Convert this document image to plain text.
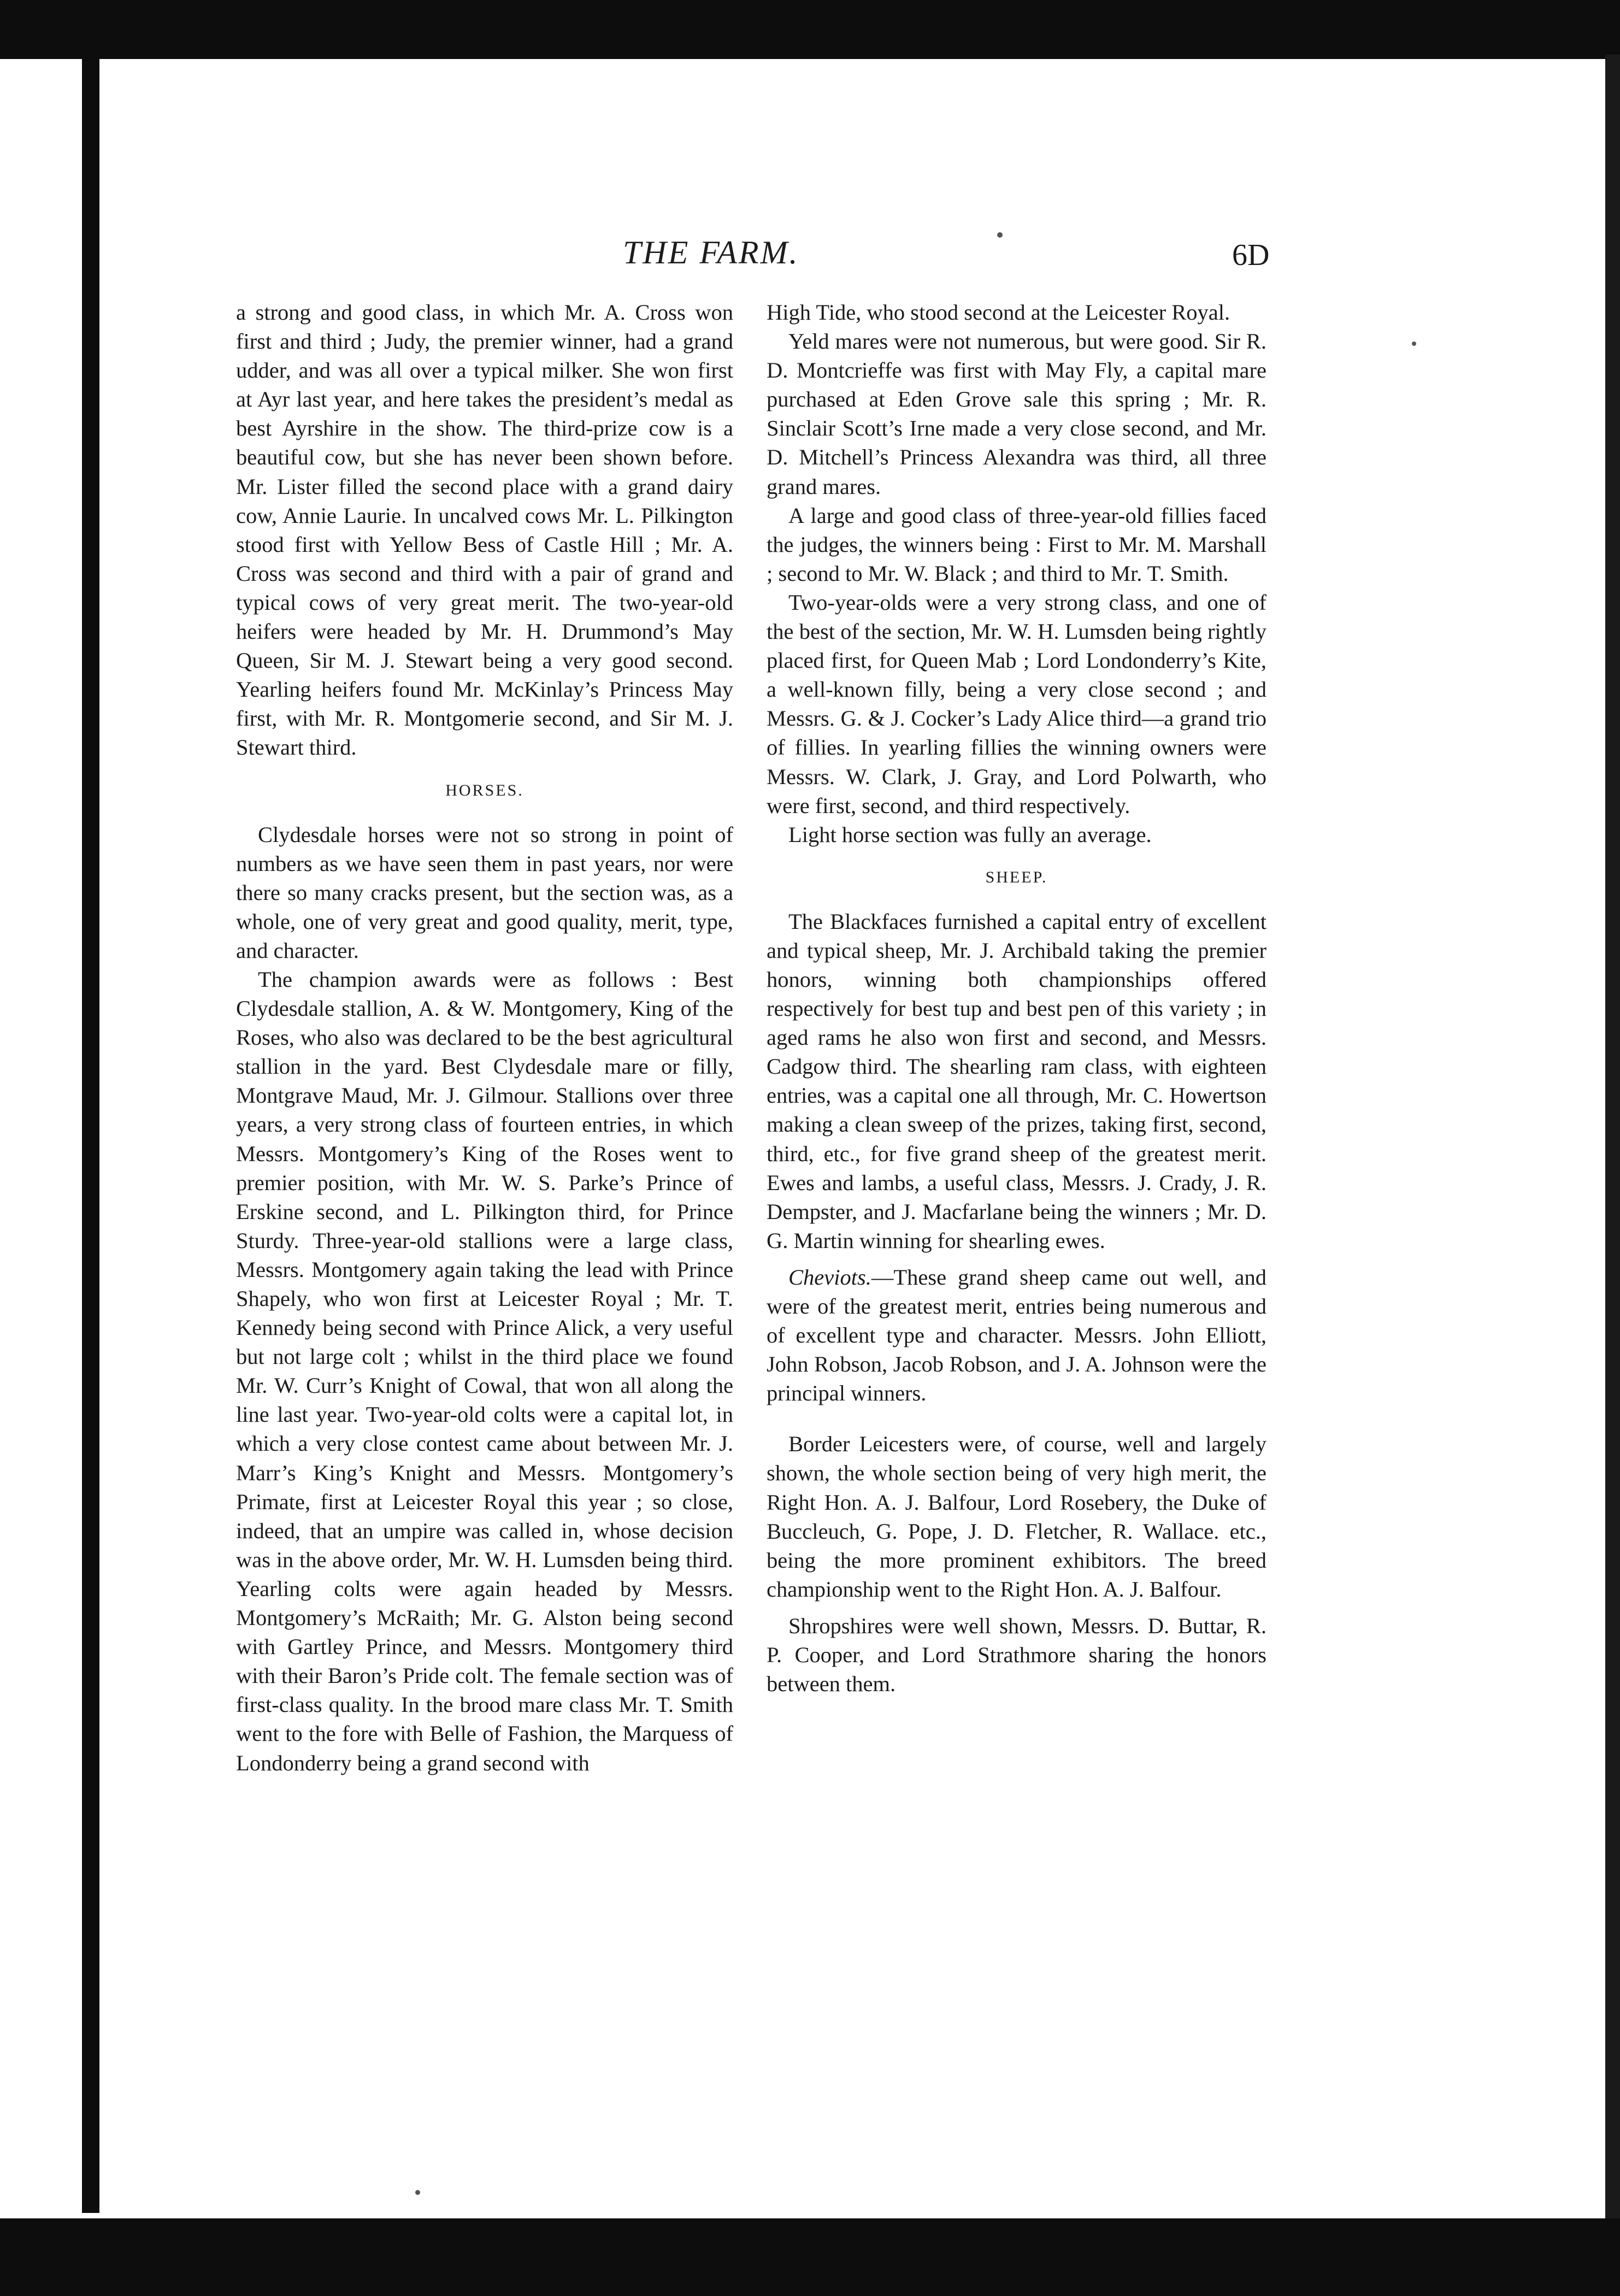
THE FARM.	6D

a strong and good class, in which Mr. A. Cross won first and third ; Judy, the premier winner, had a grand udder, and was all over a typical milker. She won first at Ayr last year, and here takes the president’s medal as best Ayrshire in the show. The third-prize cow is a beautiful cow, but she has never been shown before. Mr. Lister filled the second place with a grand dairy cow, Annie Laurie. In uncalved cows Mr. L. Pilkington stood first with Yellow Bess of Castle Hill ; Mr. A. Cross was second and third with a pair of grand and typical cows of very great merit. The two-year-old heifers were headed by Mr. H. Drummond’s May Queen, Sir M. J. Stewart being a very good second. Yearling heifers found Mr. McKinlay’s Princess May first, with Mr. R. Montgomerie second, and Sir M. J. Stewart third.

HORSES.

Clydesdale horses were not so strong in point of numbers as we have seen them in past years, nor were there so many cracks present, but the section was, as a whole, one of very great and good quality, merit, type, and character.

The champion awards were as follows : Best Clydesdale stallion, A. & W. Montgomery, King of the Roses, who also was declared to be the best agricultural stallion in the yard. Best Clydesdale mare or filly, Montgrave Maud, Mr. J. Gilmour. Stallions over three years, a very strong class of fourteen entries, in which Messrs. Montgomery’s King of the Roses went to premier position, with Mr. W. S. Parke’s Prince of Erskine second, and L. Pilkington third, for Prince Sturdy. Three-year-old stallions were a large class, Messrs. Montgomery again taking the lead with Prince Shapely, who won first at Leicester Royal ; Mr. T. Kennedy being second with Prince Alick, a very useful but not large colt ; whilst in the third place we found Mr. W. Curr’s Knight of Cowal, that won all along the line last year. Two-year-old colts were a capital lot, in which a very close contest came about between Mr. J. Marr’s King’s Knight and Messrs. Montgomery’s Primate, first at Leicester Royal this year ; so close, indeed, that an umpire was called in, whose decision was in the above order, Mr. W. H. Lumsden being third. Yearling colts were again headed by Messrs. Montgomery’s McRaith; Mr. G. Alston being second with Gartley Prince, and Messrs. Montgomery third with their Baron’s Pride colt. The female section was of first-class quality. In the brood mare class Mr. T. Smith went to the fore with Belle of Fashion, the Marquess of Londonderry being a grand second with

High Tide, who stood second at the Leicester Royal.

Yeld mares were not numerous, but were good. Sir R. D. Montcrieffe was first with May Fly, a capital mare purchased at Eden Grove sale this spring ; Mr. R. Sinclair Scott’s Irne made a very close second, and Mr. D. Mitchell’s Princess Alexandra was third, all three grand mares.

A large and good class of three-year-old fillies faced the judges, the winners being : First to Mr. M. Marshall ; second to Mr. W. Black ; and third to Mr. T. Smith.

Two-year-olds were a very strong class, and one of the best of the section, Mr. W. H. Lumsden being rightly placed first, for Queen Mab ; Lord Londonderry’s Kite, a well-known filly, being a very close second ; and Messrs. G. & J. Cocker’s Lady Alice third—a grand trio of fillies. In yearling fillies the winning owners were Messrs. W. Clark, J. Gray, and Lord Polwarth, who were first, second, and third respectively.

Light horse section was fully an average.

SHEEP.

The Blackfaces furnished a capital entry of excellent and typical sheep, Mr. J. Archibald taking the premier honors, winning both championships offered respectively for best tup and best pen of this variety ; in aged rams he also won first and second, and Messrs. Cadgow third. The shearling ram class, with eighteen entries, was a capital one all through, Mr. C. Howertson making a clean sweep of the prizes, taking first, second, third, etc., for five grand sheep of the greatest merit. Ewes and lambs, a useful class, Messrs. J. Crady, J. R. Dempster, and J. Macfarlane being the winners ; Mr. D. G. Martin winning for shearling ewes.

Cheviots.—These grand sheep came out well, and were of the greatest merit, entries being numerous and of excellent type and character. Messrs. John Elliott, John Robson, Jacob Robson, and J. A. Johnson were the principal winners.

Border Leicesters were, of course, well and largely shown, the whole section being of very high merit, the Right Hon. A. J. Balfour, Lord Rosebery, the Duke of Buccleuch, G. Pope, J. D. Fletcher, R. Wallace. etc., being the more prominent exhibitors. The breed championship went to the Right Hon. A. J. Balfour.

Shropshires were well shown, Messrs. D. Buttar, R. P. Cooper, and Lord Strathmore sharing the honors between them.
